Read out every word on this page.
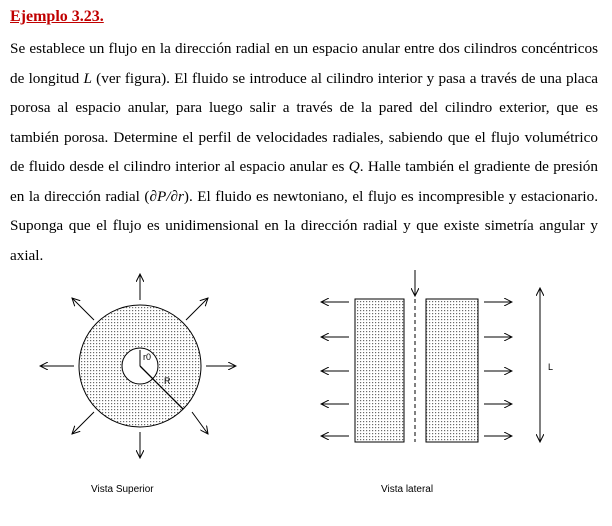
Ejemplo 3.23.
Se establece un flujo en la dirección radial en un espacio anular entre dos cilindros concéntricos de longitud L (ver figura). El fluido se introduce al cilindro interior y pasa a través de una placa porosa al espacio anular, para luego salir a través de la pared del cilindro exterior, que es también porosa. Determine el perfil de velocidades radiales, sabiendo que el flujo volumétrico de fluido desde el cilindro interior al espacio anular es Q. Halle también el gradiente de presión en la dirección radial (∂P/∂r). El fluido es newtoniano, el flujo es incompresible y estacionario. Suponga que el flujo es unidimensional en la dirección radial y que existe simetría angular y axial.
r0
R
L
Vista Superior	Vista lateral
